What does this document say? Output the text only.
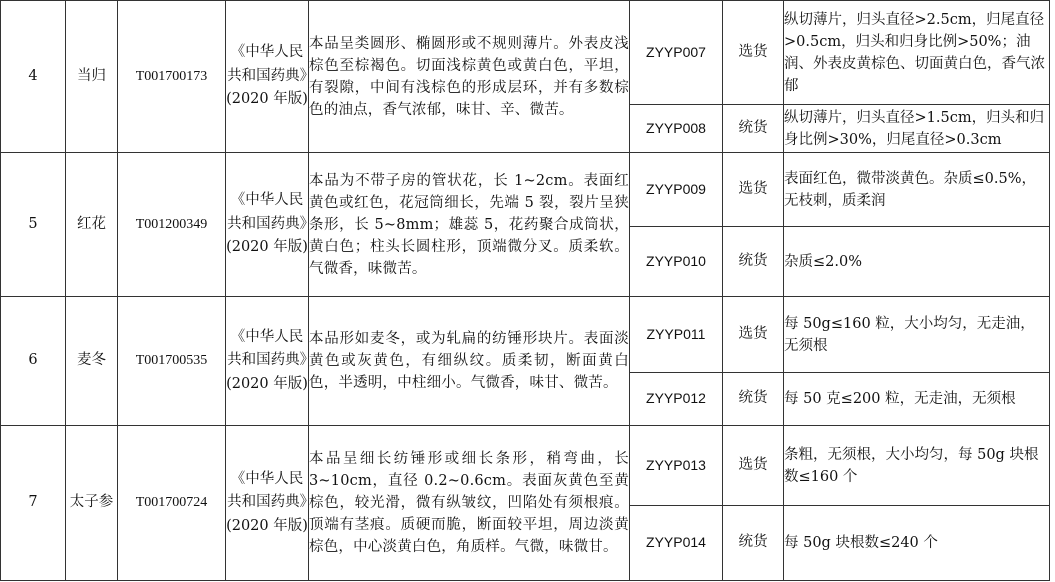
4	当归	T001700173	《中华人民共和国药典》(2020 年版)	本品呈类圆形、椭圆形或不规则薄片。外表皮浅棕色至棕褐色。切面浅棕黄色或黄白色，平坦，有裂隙，中间有浅棕色的形成层环，并有多数棕色的油点，香气浓郁，味甘、辛、微苦。	ZYYP007	选货	纵切薄片，归头直径>2.5cm，归尾直径>0.5cm，归头和归身比例>50%；油润、外表皮黄棕色、切面黄白色，香气浓郁
					ZYYP008	统货	纵切薄片，归头直径>1.5cm，归头和归身比例>30%，归尾直径>0.3cm
5	红花	T001200349	《中华人民共和国药典》(2020 年版)	本品为不带子房的管状花，长 1~2cm。表面红黄色或红色，花冠筒细长，先端 5 裂，裂片呈狭条形，长 5~8mm；雄蕊 5，花药聚合成筒状，黄白色；柱头长圆柱形，顶端微分叉。质柔软。气微香，味微苦。	ZYYP009	选货	表面红色，微带淡黄色。杂质≤0.5%，无枝刺，质柔润
					ZYYP010	统货	杂质≤2.0%
6	麦冬	T001700535	《中华人民共和国药典》(2020 年版)	本品形如麦冬，或为轧扁的纺锤形块片。表面淡黄色或灰黄色，有细纵纹。质柔韧，断面黄白色，半透明，中柱细小。气微香，味甘、微苦。	ZYYP011	选货	每 50g≤160 粒，大小均匀，无走油，无须根
					ZYYP012	统货	每 50 克≤200 粒，无走油，无须根
7	太子参	T001700724	《中华人民共和国药典》(2020 年版)	本品呈细长纺锤形或细长条形，稍弯曲，长 3~10cm，直径 0.2~0.6cm。表面灰黄色至黄棕色，较光滑，微有纵皱纹，凹陷处有须根痕。顶端有茎痕。质硬而脆，断面较平坦，周边淡黄棕色，中心淡黄白色，角质样。气微，味微甘。	ZYYP013	选货	条粗，无须根，大小均匀，每 50g 块根数≤160 个
					ZYYP014	统货	每 50g 块根数≤240 个
